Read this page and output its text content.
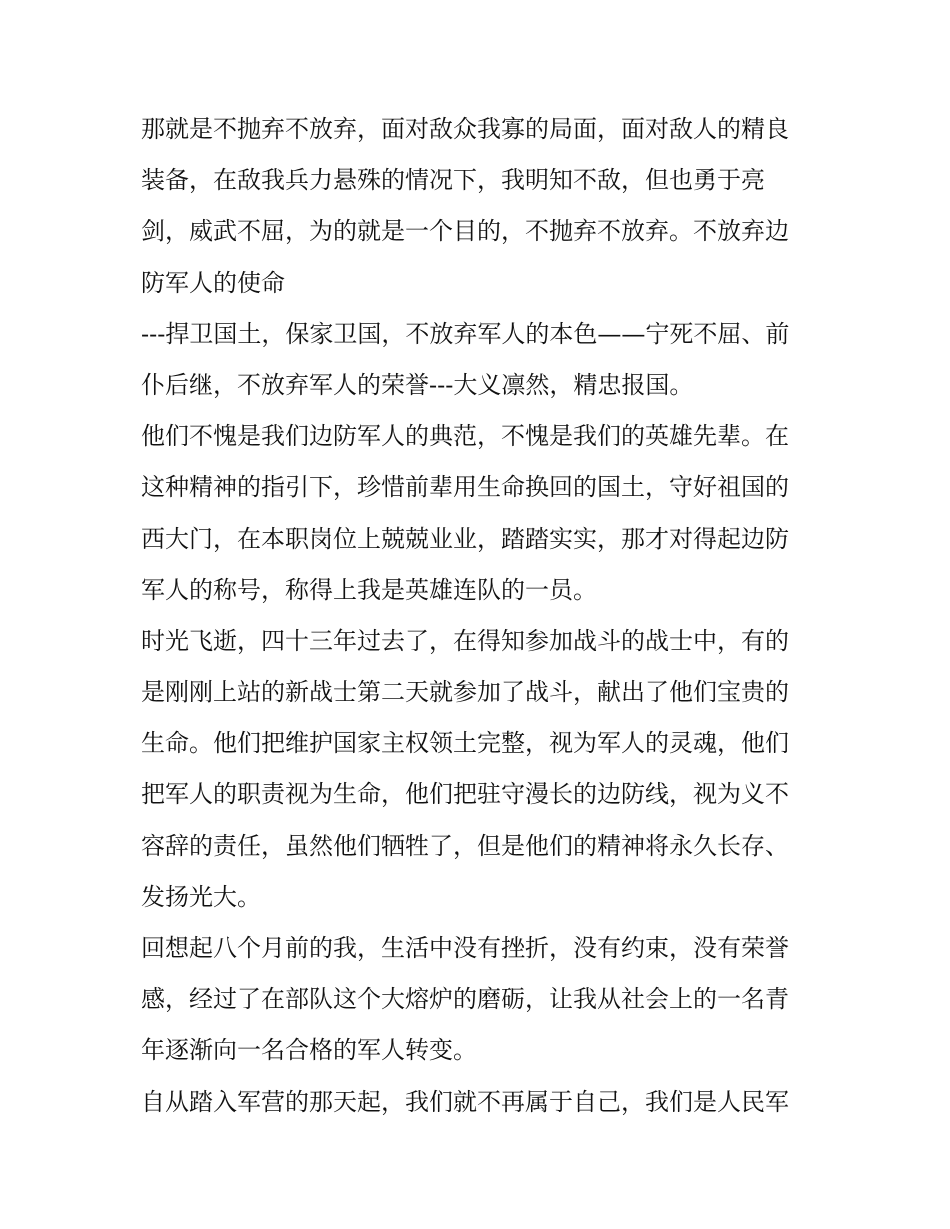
那就是不抛弃不放弃，面对敌众我寡的局面，面对敌人的精良
装备，在敌我兵力悬殊的情况下，我明知不敌，但也勇于亮
剑，威武不屈，为的就是一个目的，不抛弃不放弃。不放弃边
防军人的使命
---捍卫国土，保家卫国，不放弃军人的本色——宁死不屈、前
仆后继，不放弃军人的荣誉---大义凛然，精忠报国。
他们不愧是我们边防军人的典范，不愧是我们的英雄先辈。在
这种精神的指引下，珍惜前辈用生命换回的国土，守好祖国的
西大门，在本职岗位上兢兢业业，踏踏实实，那才对得起边防
军人的称号，称得上我是英雄连队的一员。
时光飞逝，四十三年过去了，在得知参加战斗的战士中，有的
是刚刚上站的新战士第二天就参加了战斗，献出了他们宝贵的
生命。他们把维护国家主权领土完整，视为军人的灵魂，他们
把军人的职责视为生命，他们把驻守漫长的边防线，视为义不
容辞的责任，虽然他们牺牲了，但是他们的精神将永久长存、
发扬光大。
回想起八个月前的我，生活中没有挫折，没有约束，没有荣誉
感，经过了在部队这个大熔炉的磨砺，让我从社会上的一名青
年逐渐向一名合格的军人转变。
自从踏入军营的那天起，我们就不再属于自己，我们是人民军
